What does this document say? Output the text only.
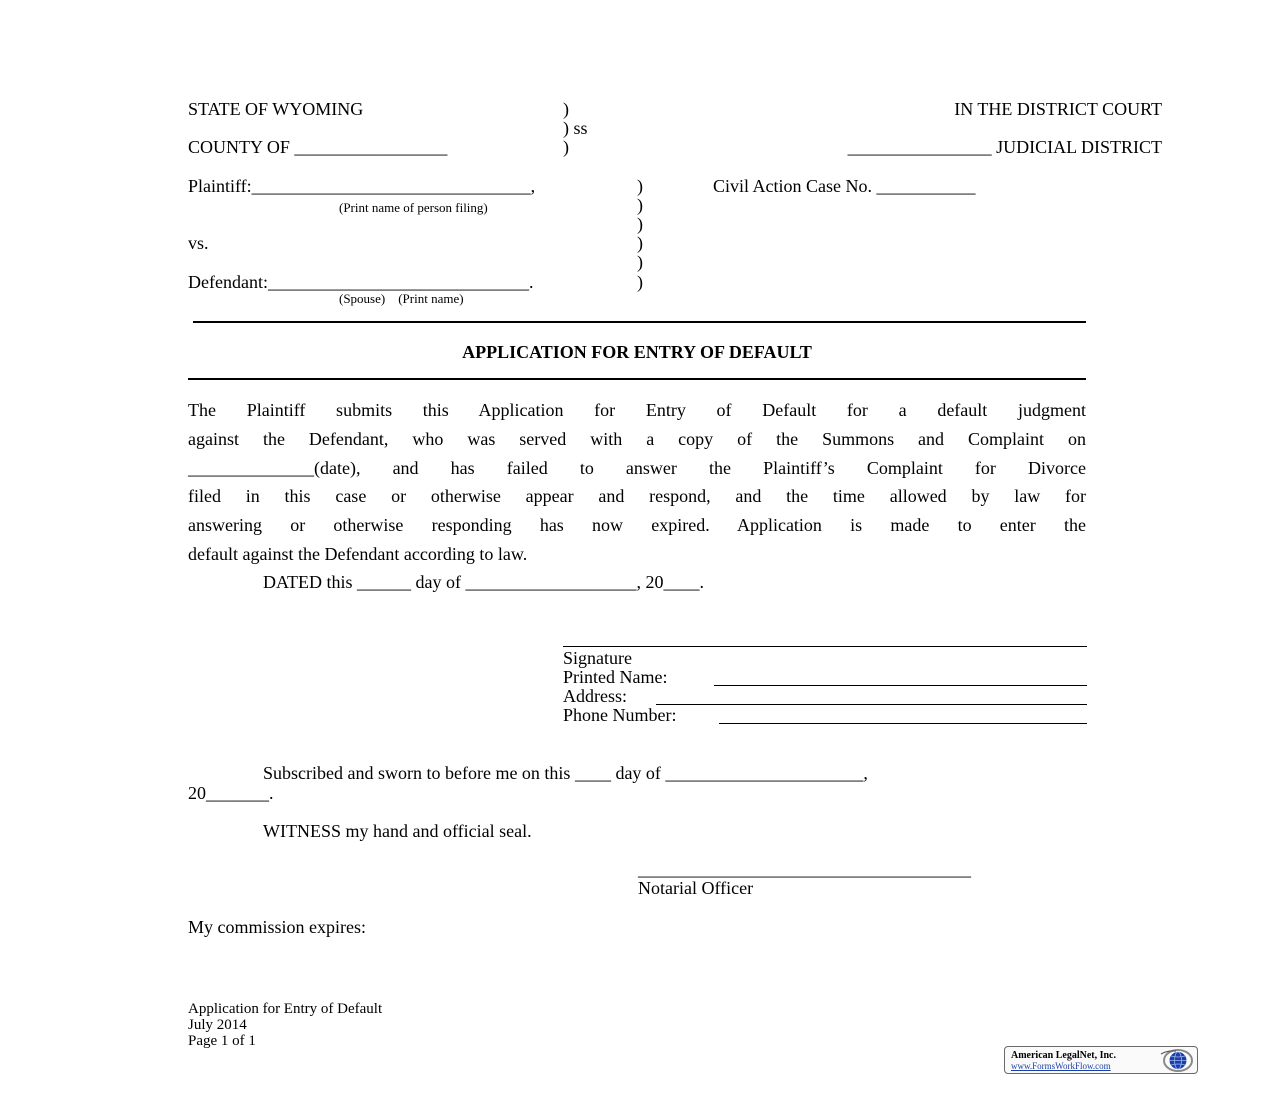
STATE OF WYOMING	)
) ss
COUNTY OF _________________	)
IN THE DISTRICT COURT
________________ JUDICIAL DISTRICT
Plaintiff:_______________________________,
(Print name of person filing)
vs.
Defendant:_____________________________.
(Spouse)    (Print name)
)
)
)
)
)
)
Civil Action Case No. ___________
APPLICATION FOR ENTRY OF DEFAULT
The Plaintiff submits this Application for Entry of Default for a default judgment
against the Defendant, who was served with a copy of the Summons and Complaint on
______________(date), and has failed to answer the Plaintiff’s Complaint for Divorce
filed in this case or otherwise appear and respond, and the time allowed by law for
answering or otherwise responding has now expired. Application is made to enter the
default against the Defendant according to law.
DATED this ______ day of ___________________, 20____.
Signature
Printed Name:
Address:
Phone Number:
Subscribed and sworn to before me on this ____ day of ______________________,
20_______.
WITNESS my hand and official seal.
_____________________________________
Notarial Officer
My commission expires:
Application for Entry of Default
July 2014
Page 1 of 1
American LegalNet, Inc.
www.FormsWorkFlow.com
